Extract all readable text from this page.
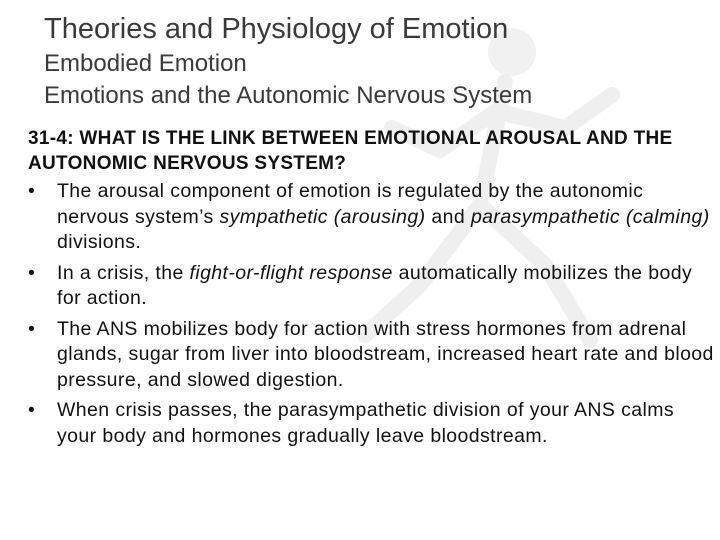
Theories and Physiology of Emotion
Embodied Emotion
Emotions and the Autonomic Nervous System

31-4: WHAT IS THE LINK BETWEEN EMOTIONAL AROUSAL AND THE AUTONOMIC NERVOUS SYSTEM?

• The arousal component of emotion is regulated by the autonomic nervous system’s sympathetic (arousing) and parasympathetic (calming) divisions.
• In a crisis, the fight-or-flight response automatically mobilizes the body for action.
• The ANS mobilizes body for action with stress hormones from adrenal glands, sugar from liver into bloodstream, increased heart rate and blood pressure, and slowed digestion.
• When crisis passes, the parasympathetic division of your ANS calms your body and hormones gradually leave bloodstream.
